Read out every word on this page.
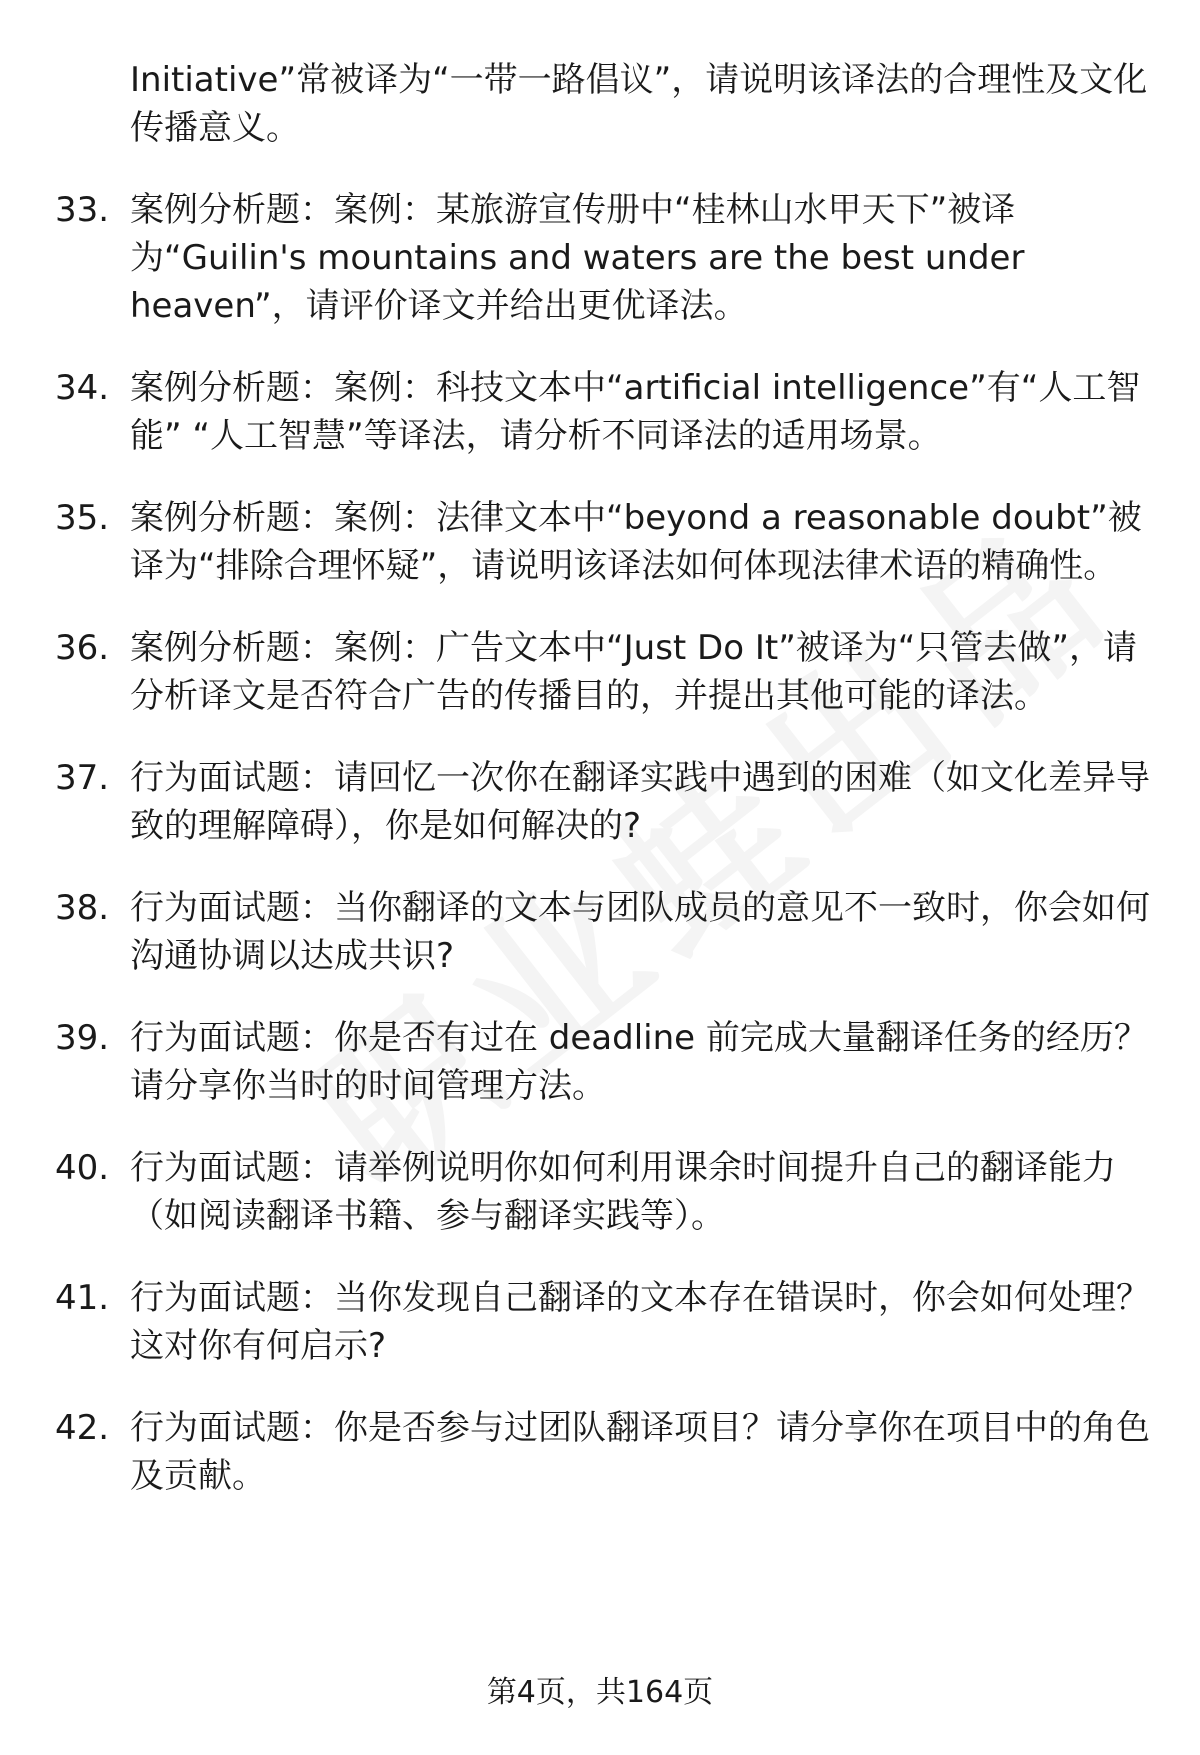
Initiative”常被译为“一带一路倡议”，请说明该译法的合理性及文化传播意义。
33. 案例分析题：案例：某旅游宣传册中“桂林山水甲天下”被译为“Guilin's mountains and waters are the best under heaven”，请评价译文并给出更优译法。
34. 案例分析题：案例：科技文本中“artificial intelligence”有“人工智能” “人工智慧”等译法，请分析不同译法的适用场景。
35. 案例分析题：案例：法律文本中“beyond a reasonable doubt”被译为“排除合理怀疑”，请说明该译法如何体现法律术语的精确性。
36. 案例分析题：案例：广告文本中“Just Do It”被译为“只管去做”，请分析译文是否符合广告的传播目的，并提出其他可能的译法。
37. 行为面试题：请回忆一次你在翻译实践中遇到的困难（如文化差异导致的理解障碍），你是如何解决的?
38. 行为面试题：当你翻译的文本与团队成员的意见不一致时，你会如何沟通协调以达成共识?
39. 行为面试题：你是否有过在 deadline 前完成大量翻译任务的经历？请分享你当时的时间管理方法。
40. 行为面试题：请举例说明你如何利用课余时间提升自己的翻译能力（如阅读翻译书籍、参与翻译实践等）。
41. 行为面试题：当你发现自己翻译的文本存在错误时，你会如何处理？这对你有何启示?
42. 行为面试题：你是否参与过团队翻译项目？请分享你在项目中的角色及贡献。
第4页，共164页
